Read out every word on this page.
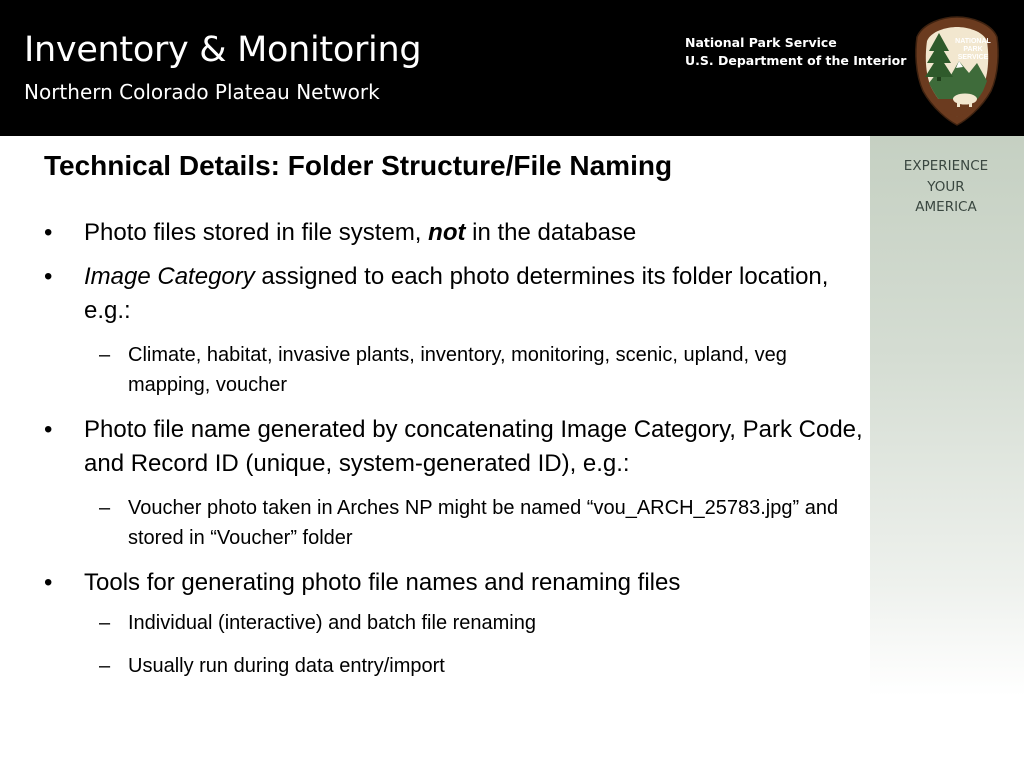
Inventory & Monitoring
Northern Colorado Plateau Network
National Park Service
U.S. Department of the Interior
NATIONAL
PARK
SERVICE
EXPERIENCE
YOUR
AMERICA
Technical Details: Folder Structure/File Naming

• Photo files stored in file system, not in the database

• Image Category assigned to each photo determines its folder location, e.g.:

– Climate, habitat, invasive plants, inventory, monitoring, scenic, upland, veg mapping, voucher

• Photo file name generated by concatenating Image Category, Park Code, and Record ID (unique, system-generated ID), e.g.:

– Voucher photo taken in Arches NP might be named “vou_ARCH_25783.jpg” and stored in “Voucher” folder

• Tools for generating photo file names and renaming files

– Individual (interactive) and batch file renaming

– Usually run during data entry/import
